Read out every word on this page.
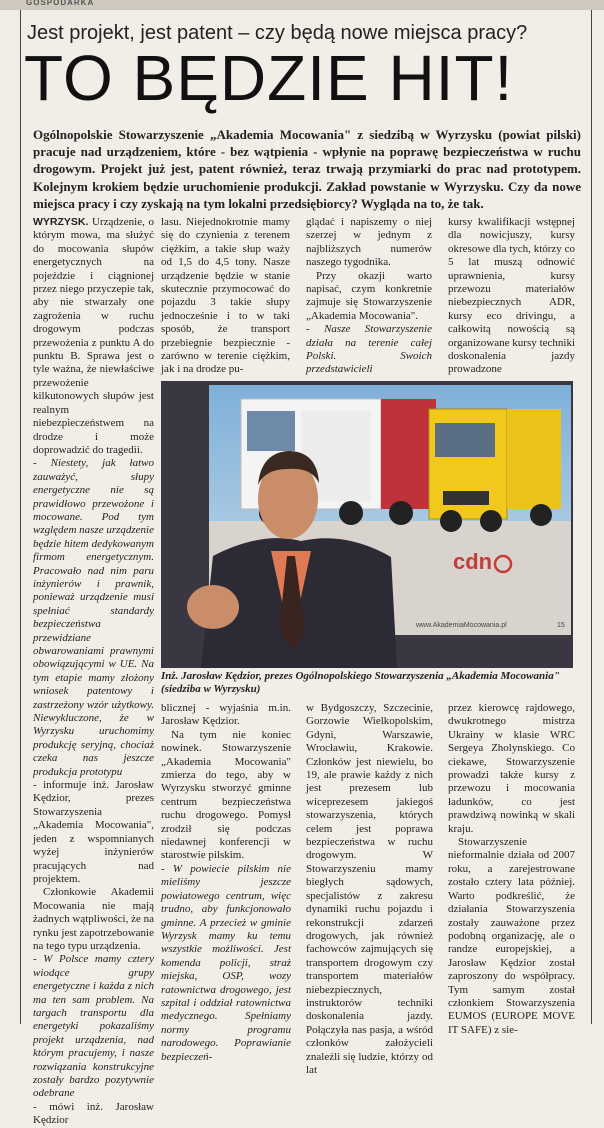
GOSPODARKA
Jest projekt, jest patent – czy będą nowe miejsca pracy?
TO BĘDZIE HIT!
Ogólnopolskie Stowarzyszenie „Akademia Mocowania" z siedzibą w Wyrzysku (powiat pilski) pracuje nad urządzeniem, które - bez wątpienia - wpłynie na poprawę bezpieczeństwa w ruchu drogowym. Projekt już jest, patent również, teraz trwają przymiarki do prac nad prototypem. Kolejnym krokiem będzie uruchomienie produkcji. Zakład powstanie w Wyrzysku. Czy da nowe miejsca pracy i czy zyskają na tym lokalni przedsiębiorcy? Wygląda na to, że tak.

WYRZYSK. Urządzenie, o którym mowa, ma służyć do mocowania słupów energetycznych na pojeździe i ciągnionej przez niego przyczepie tak, aby nie stwarzały one zagrożenia w ruchu drogowym podczas przewożenia z punktu A do punktu B. Sprawa jest o tyle ważna, że niewłaściwe przewożenie kilkutonowych słupów jest realnym niebezpieczeństwem na drodze i może doprowadzić do tragedii.

- Niestety, jak łatwo zauważyć, słupy energetyczne nie są prawidłowo przewożone i mocowane. Pod tym względem nasze urządzenie będzie hitem dedykowanym firmom energetycznym. Pracowało nad nim paru inżynierów i prawnik, ponieważ urządzenie musi spełniać standardy bezpieczeństwa przewidziane obwarowaniami prawnymi obowiązującymi w UE. Na tym etapie mamy złożony wniosek patentowy i zastrzeżony wzór użytkowy. Niewykluczone, że w Wyrzysku uruchomimy produkcję seryjną, chociaż czeka nas jeszcze produkcja prototypu

- informuje inż. Jarosław Kędzior, prezes Stowarzyszenia „Akademia Mocowania", jeden z wspomnianych wyżej inżynierów pracujących nad projektem.

Członkowie Akademii Mocowania nie mają żadnych wątpliwości, że na rynku jest zapotrzebowanie na tego typu urządzenia.

- W Polsce mamy cztery wiodące grupy energetyczne i każda z nich ma ten sam problem. Na targach transportu dla energetyki pokazaliśmy projekt urządzenia, nad którym pracujemy, i nasze rozwiązania konstrukcyjne zostały bardzo pozytywnie odebrane

- mówi inż. Jarosław Kędzior

lasu. Niejednokrotnie mamy się do czynienia z terenem ciężkim, a takie słup waży od 1,5 do 4,5 tony. Nasze urządzenie będzie w stanie skutecznie przymocować do pojazdu 3 takie słupy jednocześnie i to w taki sposób, że transport przebiegnie bezpiecznie - zarówno w terenie ciężkim, jak i na drodze pu-

glądać i napiszemy o niej szerzej w jednym z najbliższych numerów naszego tygodnika.

Przy okazji warto napisać, czym konkretnie zajmuje się Stowarzyszenie „Akademia Mocowania".

- Nasze Stowarzyszenie działa na terenie całej Polski. Swoich przedstawicieli

kursy kwalifikacji wstępnej dla nowicjuszy, kursy okresowe dla tych, którzy co 5 lat muszą odnowić uprawnienia, kursy przewozu materiałów niebezpiecznych ADR, kursy eco drivingu, a całkowitą nowością są organizowane kursy techniki doskonalenia jazdy prowadzone

cdn
www.AkademiaMocowania.pl	15
Inż. Jarosław Kędzior, prezes Ogólnopolskiego Stowarzyszenia „Akademia Mocowania" (siedziba w Wyrzysku)

blicznej - wyjaśnia m.in. Jarosław Kędzior.

Na tym nie koniec nowinek. Stowarzyszenie „Akademia Mocowania" zmierza do tego, aby w Wyrzysku stworzyć gminne centrum bezpieczeństwa ruchu drogowego. Pomysł zrodził się podczas niedawnej konferencji w starostwie pilskim.

- W powiecie pilskim nie mieliśmy jeszcze powiatowego centrum, więc trudno, aby funkcjonowało gminne. A przecież w gminie Wyrzysk mamy ku temu wszystkie możliwości. Jest komenda policji, straż miejska, OSP, wozy ratownictwa drogowego, jest szpital i oddział ratownictwa medycznego. Spełniamy normy programu narodowego. Poprawianie bezpieczeń-

w Bydgoszczy, Szczecinie, Gorzowie Wielkopolskim, Gdyni, Warszawie, Wrocławiu, Krakowie. Członków jest niewielu, bo 19, ale prawie każdy z nich jest prezesem lub wiceprezesem jakiegoś stowarzyszenia, których celem jest poprawa bezpieczeństwa w ruchu drogowym. W Stowarzyszeniu mamy biegłych sądowych, specjalistów z zakresu dynamiki ruchu pojazdu i rekonstrukcji zdarzeń drogowych, jak również fachowców zajmujących się transportem drogowym czy transportem materiałów niebezpiecznych, instruktorów techniki doskonalenia jazdy. Połączyła nas pasja, a wśród członków założycieli znaleźli się ludzie, którzy od lat

przez kierowcę rajdowego, dwukrotnego mistrza Ukrainy w klasie WRC Sergeya Zholynskiego. Co ciekawe, Stowarzyszenie prowadzi także kursy z przewozu i mocowania ładunków, co jest prawdziwą nowinką w skali kraju.

Stowarzyszenie nieformalnie działa od 2007 roku, a zarejestrowane zostało cztery lata później. Warto podkreślić, że działania Stowarzyszenia zostały zauważone przez podobną organizację, ale o randze europejskiej, a Jarosław Kędzior został zaproszony do współpracy. Tym samym został członkiem Stowarzyszenia EUMOS (EUROPE MOVE IT SAFE) z sie-
